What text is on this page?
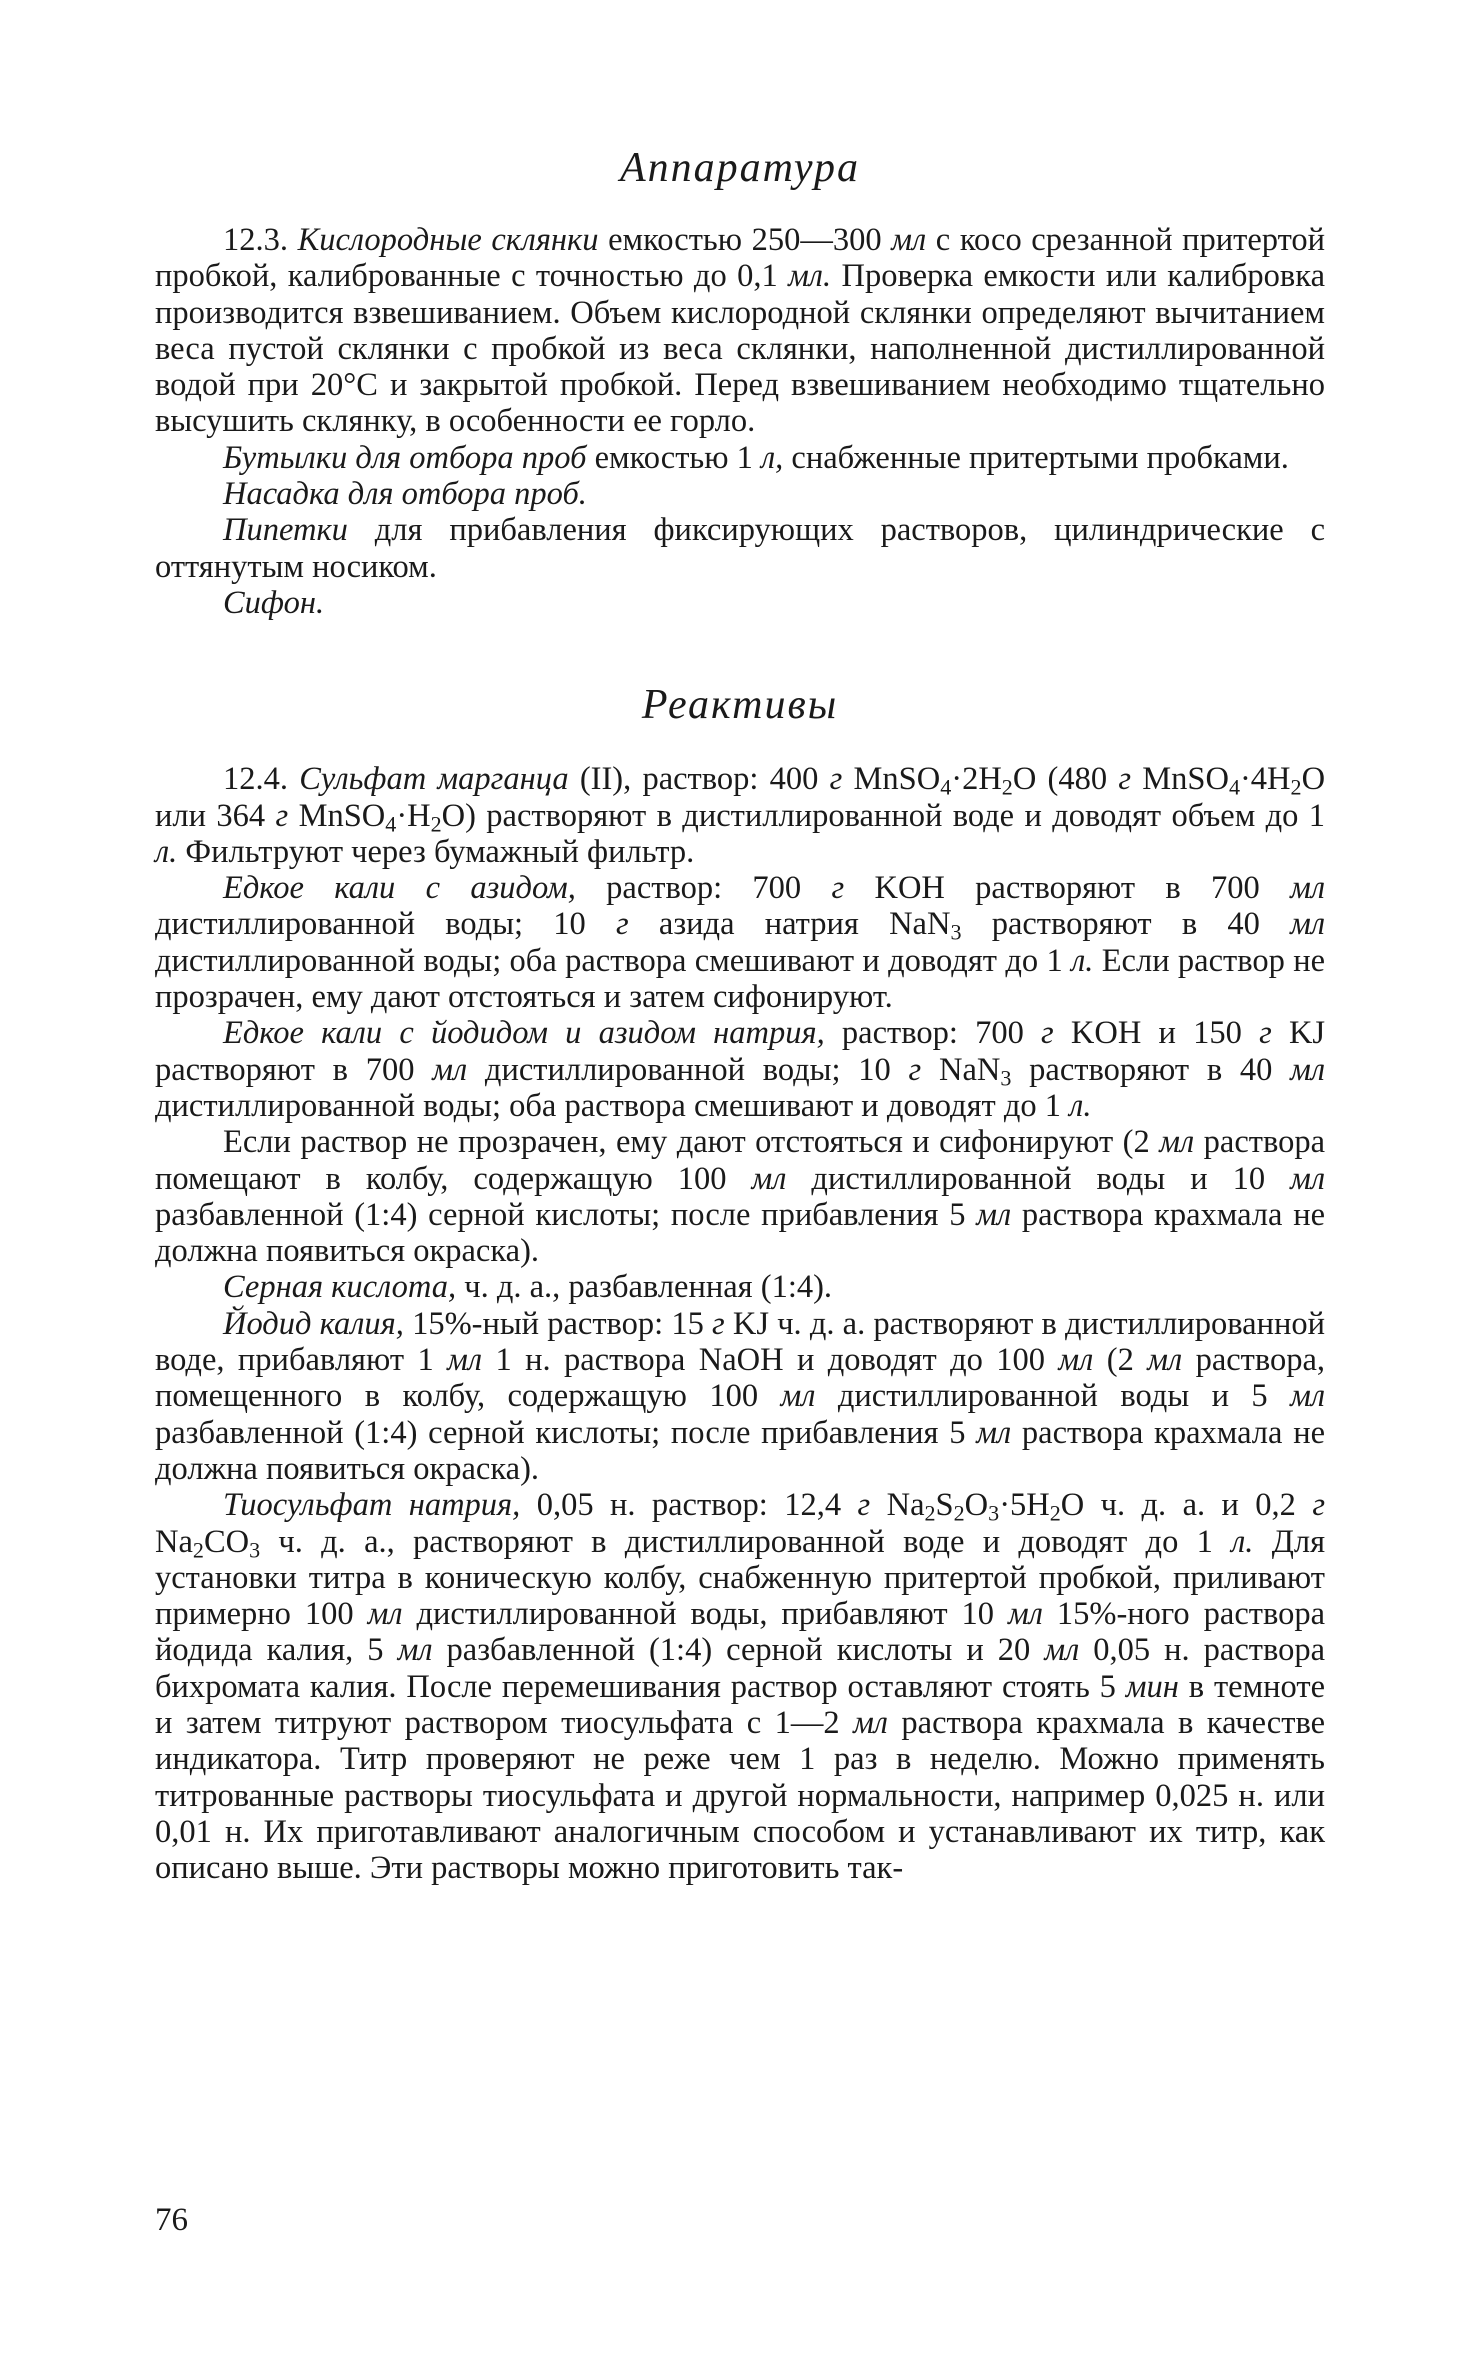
Аппаратура

12.3. Кислородные склянки емкостью 250—300 мл с косо срезанной притертой пробкой, калиброванные с точностью до 0,1 мл. Проверка емкости или калибровка производится взвешиванием. Объем кислородной склянки определяют вычитанием веса пустой склянки с пробкой из веса склянки, наполненной дистиллированной водой при 20°С и закрытой пробкой. Перед взвешиванием необходимо тщательно высушить склянку, в особенности ее горло.

Бутылки для отбора проб емкостью 1 л, снабженные притертыми пробками.

Насадка для отбора проб.

Пипетки для прибавления фиксирующих растворов, цилиндрические с оттянутым носиком.

Сифон.

Реактивы

12.4. Сульфат марганца (II), раствор: 400 г $MnSO_4\cdot 2H_2O$ (480 г $MnSO_4\cdot 4H_2O$ или 364 г $MnSO_4\cdot H_2O$) растворяют в дистиллированной воде и доводят объем до 1 л. Фильтруют через бумажный фильтр.

Едкое кали с азидом, раствор: 700 г KOH растворяют в 700 мл дистиллированной воды; 10 г азида натрия NaN$_3$ растворяют в 40 мл дистиллированной воды; оба раствора смешивают и доводят до 1 л. Если раствор не прозрачен, ему дают отстояться и затем сифонируют.

Едкое кали с йодидом и азидом натрия, раствор: 700 г KOH и 150 г KJ растворяют в 700 мл дистиллированной воды; 10 г NaN$_3$ растворяют в 40 мл дистиллированной воды; оба раствора смешивают и доводят до 1 л.

Если раствор не прозрачен, ему дают отстояться и сифонируют (2 мл раствора помещают в колбу, содержащую 100 мл дистиллированной воды и 10 мл разбавленной (1:4) серной кислоты; после прибавления 5 мл раствора крахмала не должна появиться окраска).

Серная кислота, ч. д. а., разбавленная (1:4).

Йодид калия, 15%-ный раствор: 15 г KJ ч. д. а. растворяют в дистиллированной воде, прибавляют 1 мл 1 н. раствора NaOH и доводят до 100 мл (2 мл раствора, помещенного в колбу, содержащую 100 мл дистиллированной воды и 5 мл разбавленной (1:4) серной кислоты; после прибавления 5 мл раствора крахмала не должна появиться окраска).

Тиосульфат натрия, 0,05 н. раствор: 12,4 г $Na_2S_2O_3\cdot 5H_2O$ ч. д. а. и 0,2 г $Na_2CO_3$ ч. д. а., растворяют в дистиллированной воде и доводят до 1 л. Для установки титра в коническую колбу, снабженную притертой пробкой, приливают примерно 100 мл дистиллированной воды, прибавляют 10 мл 15%-ного раствора йодида калия, 5 мл разбавленной (1:4) серной кислоты и 20 мл 0,05 н. раствора бихромата калия. После перемешивания раствор оставляют стоять 5 мин в темноте и затем титруют раствором тиосульфата с 1—2 мл раствора крахмала в качестве индикатора. Титр проверяют не реже чем 1 раз в неделю. Можно применять титрованные растворы тиосульфата и другой нормальности, например 0,025 н. или 0,01 н. Их приготавливают аналогичным способом и устанавливают их титр, как описано выше. Эти растворы можно приготовить так-

76
